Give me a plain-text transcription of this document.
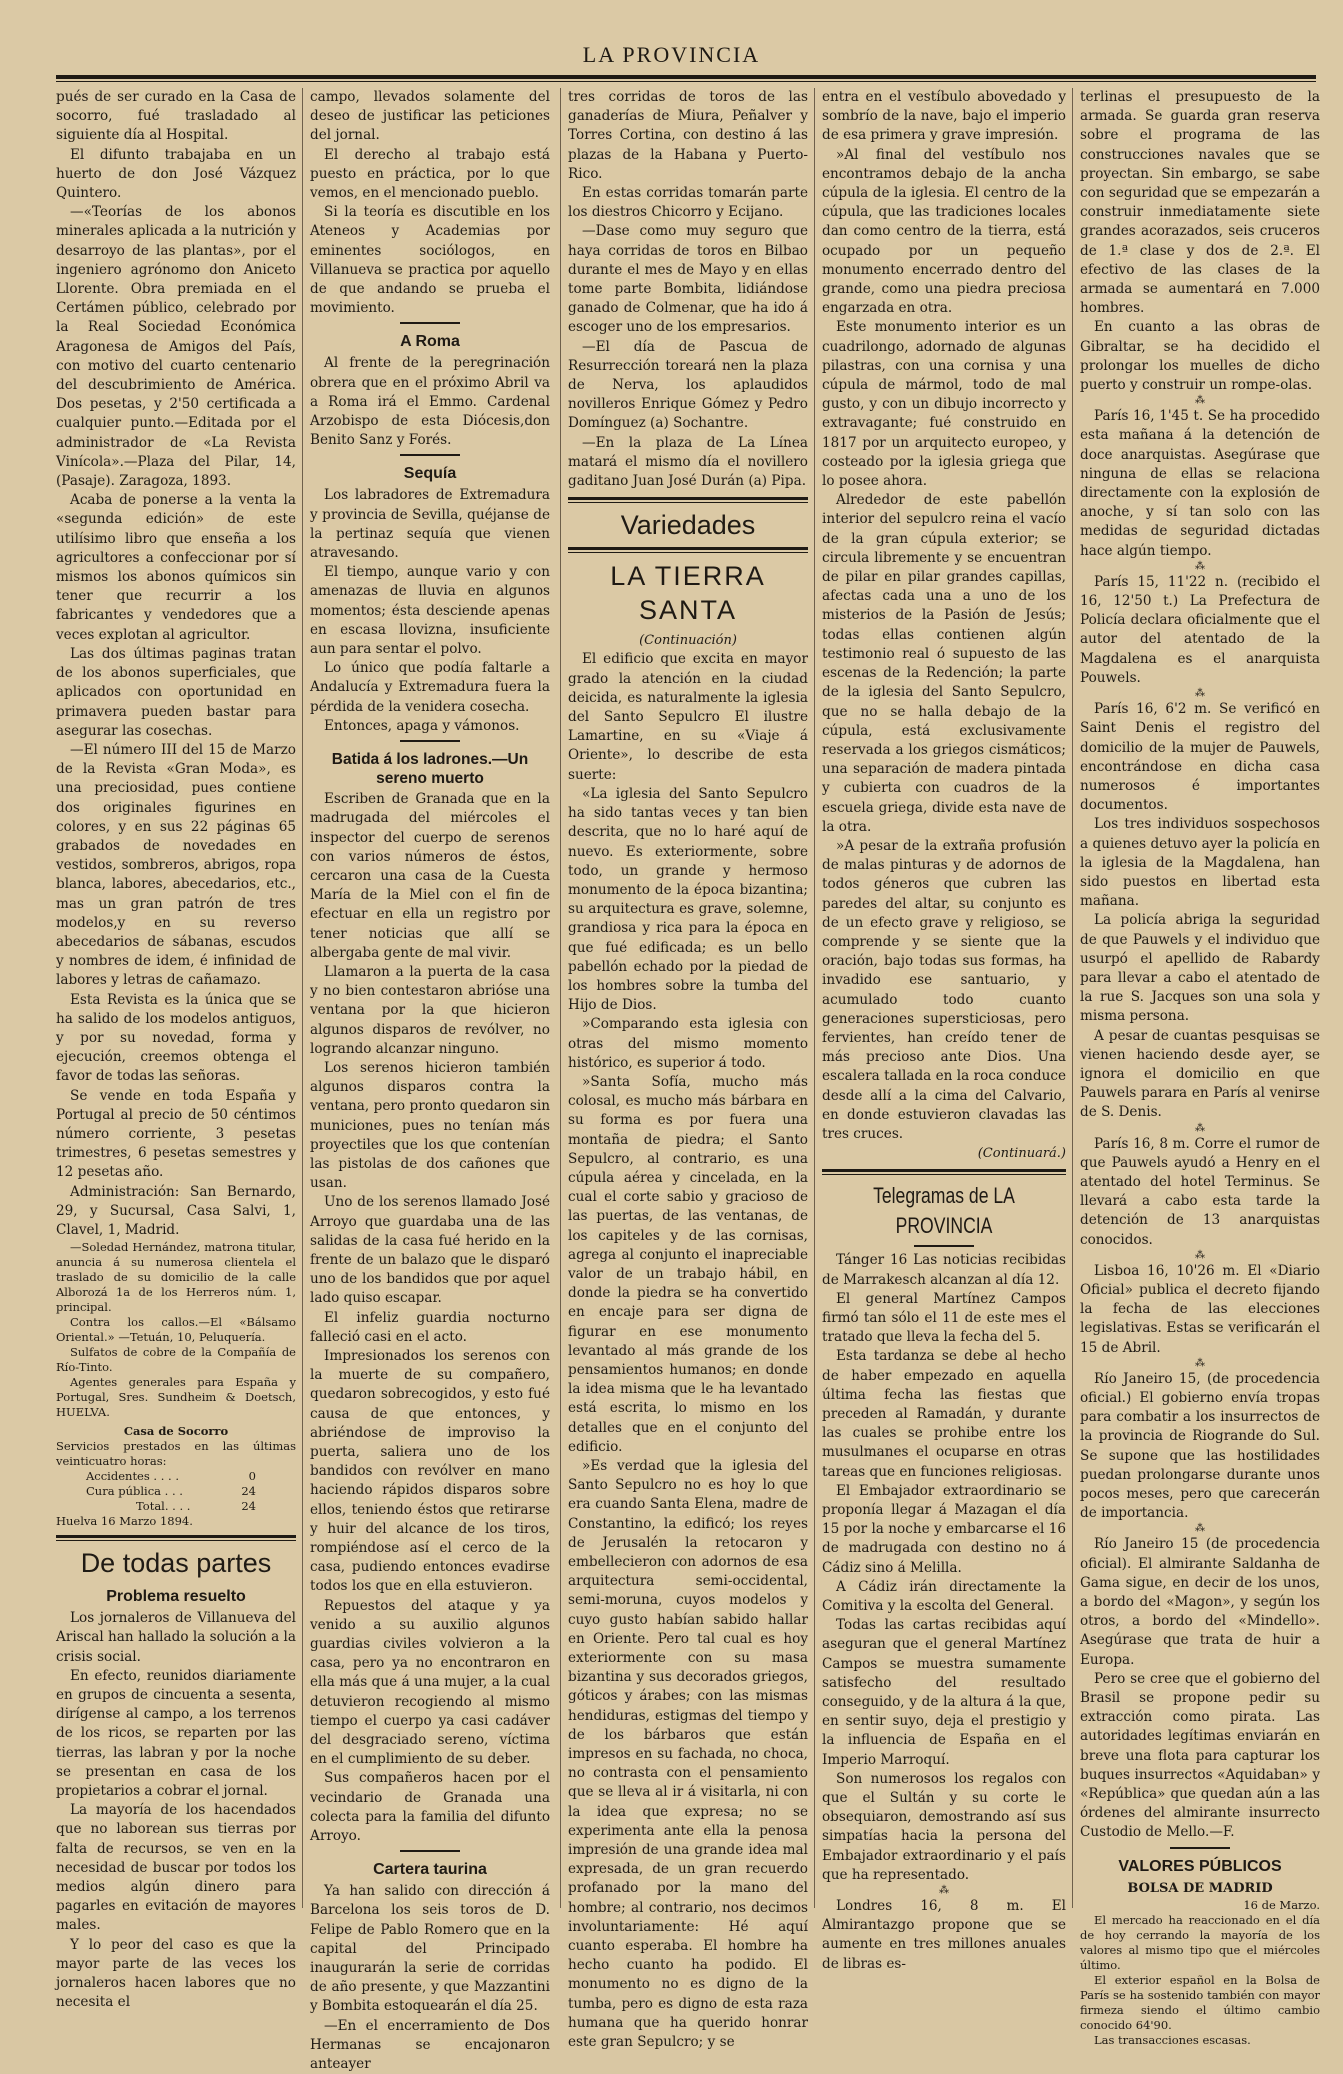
LA PROVINCIA

pués de ser curado en la Casa de socorro, fué trasladado al siguiente día al Hospital.

El difunto trabajaba en un huerto de don José Vázquez Quintero.

—«Teorías de los abonos minerales aplicada a la nutrición y desarroyo de las plantas», por el ingeniero agrónomo don Aniceto Llorente. Obra premiada en el Certámen público, celebrado por la Real Sociedad Económica Aragonesa de Amigos del País, con motivo del cuarto centenario del descubrimiento de América. Dos pesetas, y 2'50 certificada a cualquier punto.—Editada por el administrador de «La Revista Vinícola».—Plaza del Pilar, 14, (Pasaje). Zaragoza, 1893.

Acaba de ponerse a la venta la «segunda edición» de este utilísimo libro que enseña a los agricultores a confeccionar por sí mismos los abonos químicos sin tener que recurrir a los fabricantes y vendedores que a veces explotan al agricultor.

Las dos últimas paginas tratan de los abonos superficiales, que aplicados con oportunidad en primavera pueden bastar para asegurar las cosechas.

—El número III del 15 de Marzo de la Revista «Gran Moda», es una preciosidad, pues contiene dos originales figurines en colores, y en sus 22 páginas 65 grabados de novedades en vestidos, sombreros, abrigos, ropa blanca, labores, abecedarios, etc., mas un gran patrón de tres modelos,y en su reverso abecedarios de sábanas, escudos y nombres de idem, é infinidad de labores y letras de cañamazo.

Esta Revista es la única que se ha salido de los modelos antiguos, y por su novedad, forma y ejecución, creemos obtenga el favor de todas las señoras.

Se vende en toda España y Portugal al precio de 50 céntimos número corriente, 3 pesetas trimestres, 6 pesetas semestres y 12 pesetas año.

Administración: San Bernardo, 29, y Sucursal, Casa Salvi, 1, Clavel, 1, Madrid.

—Soledad Hernández, matrona titular, anuncia á su numerosa clientela el traslado de su domicilio de la calle Alborozá 1a de los Herreros núm. 1, principal.

Contra los callos.—El «Bálsamo Oriental.» —Tetuán, 10, Peluquería.

Sulfatos de cobre de la Compañía de Río-Tinto.

Agentes generales para España y Portugal, Sres. Sundheim & Doetsch, HUELVA.

Casa de Socorro

Servicios prestados en las últimas veinticuatro horas:

Accidentes . . . .	0
Cura pública . . .	24
Total. . . .	24

Huelva 16 Marzo 1894.

De todas partes
Problema resuelto

Los jornaleros de Villanueva del Ariscal han hallado la solución a la crisis social.

En efecto, reunidos diariamente en grupos de cincuenta a sesenta, dirígense al campo, a los terrenos de los ricos, se reparten por las tierras, las labran y por la noche se presentan en casa de los propietarios a cobrar el jornal.

La mayoría de los hacendados que no laborean sus tierras por falta de recursos, se ven en la necesidad de buscar por todos los medios algún dinero para pagarles en evitación de mayores males.

Y lo peor del caso es que la mayor parte de las veces los jornaleros hacen labores que no necesita el

campo, llevados solamente del deseo de justificar las peticiones del jornal.

El derecho al trabajo está puesto en práctica, por lo que vemos, en el mencionado pueblo.

Si la teoría es discutible en los Ateneos y Academias por eminentes sociólogos, en Villanueva se practica por aquello de que andando se prueba el movimiento.

A Roma

Al frente de la peregrinación obrera que en el próximo Abril va a Roma irá el Emmo. Cardenal Arzobispo de esta Diócesis,don Benito Sanz y Forés.

Sequía

Los labradores de Extremadura y provincia de Sevilla, quéjanse de la pertinaz sequía que vienen atravesando.

El tiempo, aunque vario y con amenazas de lluvia en algunos momentos; ésta desciende apenas en escasa llovizna, insuficiente aun para sentar el polvo.

Lo único que podía faltarle a Andalucía y Extremadura fuera la pérdida de la venidera cosecha.

Entonces, apaga y vámonos.

Batida á los ladrones.—Un sereno muerto

Escriben de Granada que en la madrugada del miércoles el inspector del cuerpo de serenos con varios números de éstos, cercaron una casa de la Cuesta María de la Miel con el fin de efectuar en ella un registro por tener noticias que allí se albergaba gente de mal vivir.

Llamaron a la puerta de la casa y no bien contestaron abrióse una ventana por la que hicieron algunos disparos de revólver, no logrando alcanzar ninguno.

Los serenos hicieron también algunos disparos contra la ventana, pero pronto quedaron sin municiones, pues no tenían más proyectiles que los que contenían las pistolas de dos cañones que usan.

Uno de los serenos llamado José Arroyo que guardaba una de las salidas de la casa fué herido en la frente de un balazo que le disparó uno de los bandidos que por aquel lado quiso escapar.

El infeliz guardia nocturno falleció casi en el acto.

Impresionados los serenos con la muerte de su compañero, quedaron sobrecogidos, y esto fué causa de que entonces, y abriéndose de improviso la puerta, saliera uno de los bandidos con revólver en mano haciendo rápidos disparos sobre ellos, teniendo éstos que retirarse y huir del alcance de los tiros, rompiéndose así el cerco de la casa, pudiendo entonces evadirse todos los que en ella estuvieron.

Repuestos del ataque y ya venido a su auxilio algunos guardias civiles volvieron a la casa, pero ya no encontraron en ella más que á una mujer, a la cual detuvieron recogiendo al mismo tiempo el cuerpo ya casi cadáver del desgraciado sereno, víctima en el cumplimiento de su deber.

Sus compañeros hacen por el vecindario de Granada una colecta para la familia del difunto Arroyo.

Cartera taurina

Ya han salido con dirección á Barcelona los seis toros de D. Felipe de Pablo Romero que en la capital del Principado inaugurarán la serie de corridas de año presente, y que Mazzantini y Bombita estoquearán el día 25.

—En el encerramiento de Dos Hermanas se encajonaron anteayer

tres corridas de toros de las ganaderías de Miura, Peñalver y Torres Cortina, con destino á las plazas de la Habana y Puerto-Rico.

En estas corridas tomarán parte los diestros Chicorro y Ecijano.

—Dase como muy seguro que haya corridas de toros en Bilbao durante el mes de Mayo y en ellas tome parte Bombita, lidiándose ganado de Colmenar, que ha ido á escoger uno de los empresarios.

—El día de Pascua de Resurrección toreará nen la plaza de Nerva, los aplaudidos novilleros Enrique Gómez y Pedro Domínguez (a) Sochantre.

—En la plaza de La Línea matará el mismo día el novillero gaditano Juan José Durán (a) Pipa.

Variedades
LA TIERRA SANTA
(Continuación)

El edificio que excita en mayor grado la atención en la ciudad deicida, es naturalmente la iglesia del Santo Sepulcro El ilustre Lamartine, en su «Viaje á Oriente», lo describe de esta suerte:

«La iglesia del Santo Sepulcro ha sido tantas veces y tan bien descrita, que no lo haré aquí de nuevo. Es exteriormente, sobre todo, un grande y hermoso monumento de la época bizantina; su arquitectura es grave, solemne, grandiosa y rica para la época en que fué edificada; es un bello pabellón echado por la piedad de los hombres sobre la tumba del Hijo de Dios.

»Comparando esta iglesia con otras del mismo momento histórico, es superior á todo.

»Santa Sofía, mucho más colosal, es mucho más bárbara en su forma es por fuera una montaña de piedra; el Santo Sepulcro, al contrario, es una cúpula aérea y cincelada, en la cual el corte sabio y gracioso de las puertas, de las ventanas, de los capiteles y de las cornisas, agrega al conjunto el inapreciable valor de un trabajo hábil, en donde la piedra se ha convertido en encaje para ser digna de figurar en ese monumento levantado al más grande de los pensamientos humanos; en donde la idea misma que le ha levantado está escrita, lo mismo en los detalles que en el conjunto del edificio.

»Es verdad que la iglesia del Santo Sepulcro no es hoy lo que era cuando Santa Elena, madre de Constantino, la edificó; los reyes de Jerusalén la retocaron y embellecieron con adornos de esa arquitectura semi-occidental, semi-moruna, cuyos modelos y cuyo gusto habían sabido hallar en Oriente. Pero tal cual es hoy exteriormente con su masa bizantina y sus decorados griegos, góticos y árabes; con las mismas hendiduras, estigmas del tiempo y de los bárbaros que están impresos en su fachada, no choca, no contrasta con el pensamiento que se lleva al ir á visitarla, ni con la idea que expresa; no se experimenta ante ella la penosa impresión de una grande idea mal expresada, de un gran recuerdo profanado por la mano del hombre; al contrario, nos decimos involuntariamente: Hé aquí cuanto esperaba. El hombre ha hecho cuanto ha podido. El monumento no es digno de la tumba, pero es digno de esta raza humana que ha querido honrar este gran Sepulcro; y se

entra en el vestíbulo abovedado y sombrío de la nave, bajo el imperio de esa primera y grave impresión.

»Al final del vestíbulo nos encontramos debajo de la ancha cúpula de la iglesia. El centro de la cúpula, que las tradiciones locales dan como centro de la tierra, está ocupado por un pequeño monumento encerrado dentro del grande, como una piedra preciosa engarzada en otra.

Este monumento interior es un cuadrilongo, adornado de algunas pilastras, con una cornisa y una cúpula de mármol, todo de mal gusto, y con un dibujo incorrecto y extravagante; fué construido en 1817 por un arquitecto europeo, y costeado por la iglesia griega que lo posee ahora.

Alrededor de este pabellón interior del sepulcro reina el vacío de la gran cúpula exterior; se circula libremente y se encuentran de pilar en pilar grandes capillas, afectas cada una a uno de los misterios de la Pasión de Jesús; todas ellas contienen algún testimonio real ó supuesto de las escenas de la Redención; la parte de la iglesia del Santo Sepulcro, que no se halla debajo de la cúpula, está exclusivamente reservada a los griegos cismáticos; una separación de madera pintada y cubierta con cuadros de la escuela griega, divide esta nave de la otra.

»A pesar de la extraña profusión de malas pinturas y de adornos de todos géneros que cubren las paredes del altar, su conjunto es de un efecto grave y religioso, se comprende y se siente que la oración, bajo todas sus formas, ha invadido ese santuario, y acumulado todo cuanto generaciones supersticiosas, pero fervientes, han creído tener de más precioso ante Dios. Una escalera tallada en la roca conduce desde allí a la cima del Calvario, en donde estuvieron clavadas las tres cruces.

(Continuará.)
Telegramas de LA PROVINCIA

Tánger 16 Las noticias recibidas de Marrakesch alcanzan al día 12.

El general Martínez Campos firmó tan sólo el 11 de este mes el tratado que lleva la fecha del 5.

Esta tardanza se debe al hecho de haber empezado en aquella última fecha las fiestas que preceden al Ramadán, y durante las cuales se prohibe entre los musulmanes el ocuparse en otras tareas que en funciones religiosas.

El Embajador extraordinario se proponía llegar á Mazagan el día 15 por la noche y embarcarse el 16 de madrugada con destino no á Cádiz sino á Melilla.

A Cádiz irán directamente la Comitiva y la escolta del General.

Todas las cartas recibidas aquí aseguran que el general Martínez Campos se muestra sumamente satisfecho del resultado conseguido, y de la altura á la que, en sentir suyo, deja el prestigio y la influencia de España en el Imperio Marroquí.

Son numerosos los regalos con que el Sultán y su corte le obsequiaron, demostrando así sus simpatías hacia la persona del Embajador extraordinario y el país que ha representado.

⁂

Londres 16, 8 m. El Almirantazgo propone que se aumente en tres millones anuales de libras es-

terlinas el presupuesto de la armada. Se guarda gran reserva sobre el programa de las construcciones navales que se proyectan. Sin embargo, se sabe con seguridad que se empezarán a construir inmediatamente siete grandes acorazados, seis cruceros de 1.ª clase y dos de 2.ª. El efectivo de las clases de la armada se aumentará en 7.000 hombres.

En cuanto a las obras de Gibraltar, se ha decidido el prolongar los muelles de dicho puerto y construir un rompe-olas.

⁂

París 16, 1'45 t. Se ha procedido esta mañana á la detención de doce anarquistas. Asegúrase que ninguna de ellas se relaciona directamente con la explosión de anoche, y sí tan solo con las medidas de seguridad dictadas hace algún tiempo.

⁂

París 15, 11'22 n. (recibido el 16, 12'50 t.) La Prefectura de Policía declara oficialmente que el autor del atentado de la Magdalena es el anarquista Pouwels.

⁂

París 16, 6'2 m. Se verificó en Saint Denis el registro del domicilio de la mujer de Pauwels, encontrándose en dicha casa numerosos é importantes documentos.

Los tres individuos sospechosos a quienes detuvo ayer la policía en la iglesia de la Magdalena, han sido puestos en libertad esta mañana.

La policía abriga la seguridad de que Pauwels y el individuo que usurpó el apellido de Rabardy para llevar a cabo el atentado de la rue S. Jacques son una sola y misma persona.

A pesar de cuantas pesquisas se vienen haciendo desde ayer, se ignora el domicilio en que Pauwels parara en París al venirse de S. Denis.

⁂

París 16, 8 m. Corre el rumor de que Pauwels ayudó a Henry en el atentado del hotel Terminus. Se llevará a cabo esta tarde la detención de 13 anarquistas conocidos.

⁂

Lisboa 16, 10'26 m. El «Diario Oficial» publica el decreto fijando la fecha de las elecciones legislativas. Estas se verificarán el 15 de Abril.

⁂

Río Janeiro 15, (de procedencia oficial.) El gobierno envía tropas para combatir a los insurrectos de la provincia de Riogrande do Sul. Se supone que las hostilidades puedan prolongarse durante unos pocos meses, pero que carecerán de importancia.

⁂

Río Janeiro 15 (de procedencia oficial). El almirante Saldanha de Gama sigue, en decir de los unos, a bordo del «Magon», y según los otros, a bordo del «Mindello». Asegúrase que trata de huir a Europa.

Pero se cree que el gobierno del Brasil se propone pedir su extracción como pirata. Las autoridades legítimas enviarán en breve una flota para capturar los buques insurrectos «Aquidaban» y «República» que quedan aún a las órdenes del almirante insurrecto Custodio de Mello.—F.

VALORES PÚBLICOS
BOLSA DE MADRID
16 de Marzo.

El mercado ha reaccionado en el día de hoy cerrando la mayoría de los valores al mismo tipo que el miércoles último.

El exterior español en la Bolsa de París se ha sostenido también con mayor firmeza siendo el último cambio conocido 64'90.

Las transacciones escasas.
